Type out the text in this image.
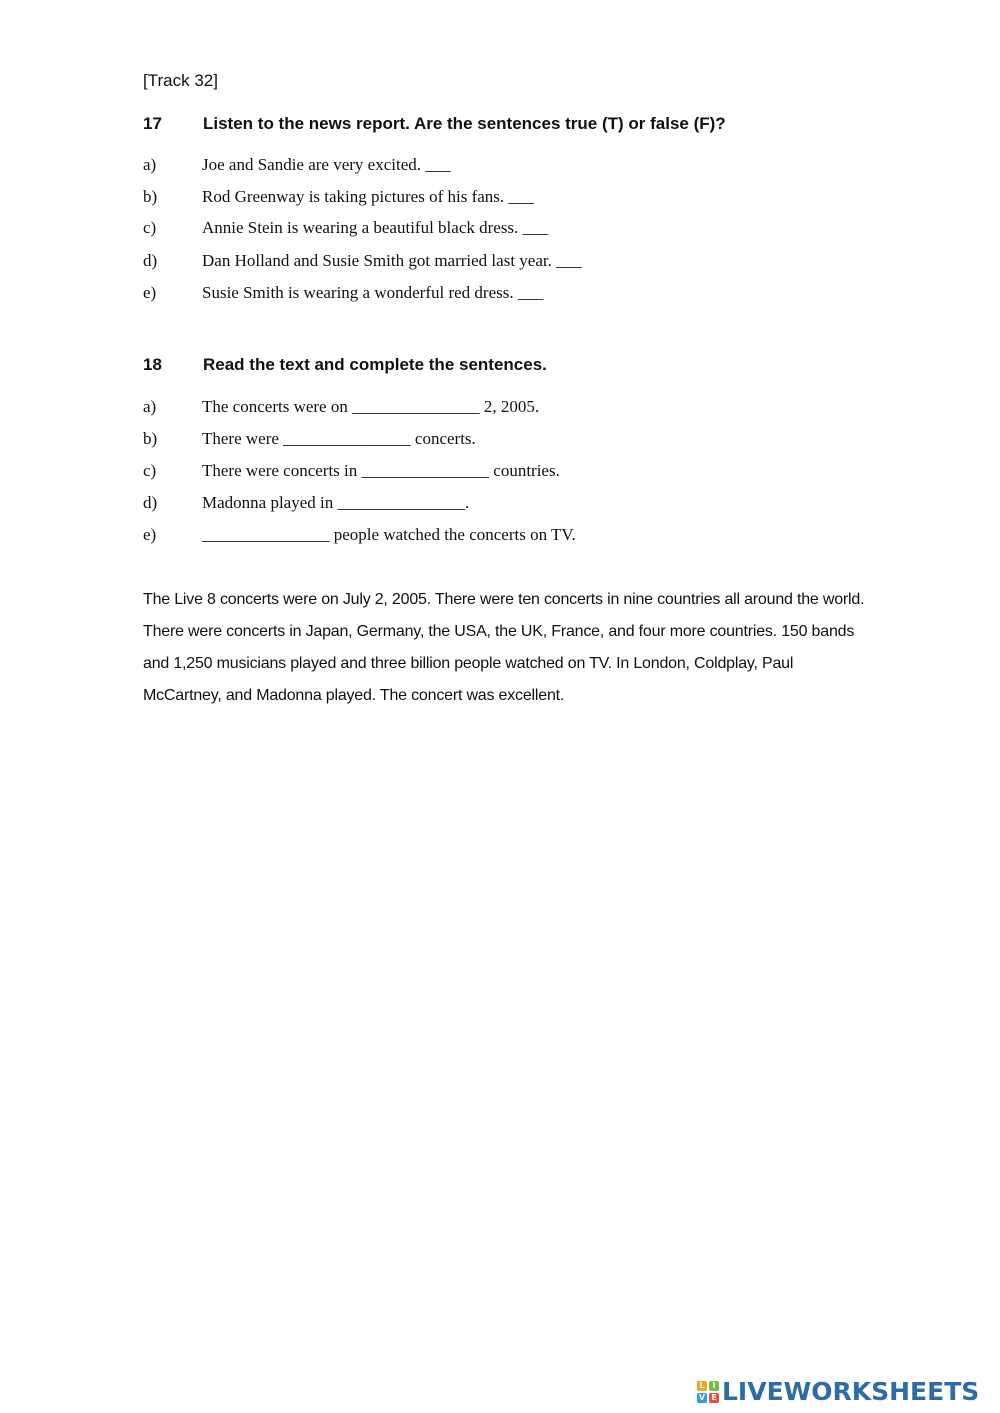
[Track 32]
17 Listen to the news report. Are the sentences true (T) or false (F)?
a)	Joe and Sandie are very excited. ___
b)	Rod Greenway is taking pictures of his fans. ___
c)	Annie Stein is wearing a beautiful black dress. ___
d)	Dan Holland and Susie Smith got married last year. ___
e)	Susie Smith is wearing a wonderful red dress. ___
18 Read the text and complete the sentences.
a)	The concerts were on _______________ 2, 2005.
b)	There were _______________ concerts.
c)	There were concerts in _______________ countries.
d)	Madonna played in _______________.
e)	_______________ people watched the concerts on TV.
The Live 8 concerts were on July 2, 2005. There were ten concerts in nine countries all around the world.
There were concerts in Japan, Germany, the USA, the UK, France, and four more countries. 150 bands
and 1,250 musicians played and three billion people watched on TV. In London, Coldplay, Paul
McCartney, and Madonna played. The concert was excellent.
L I
V E LIVEWORKSHEETS
